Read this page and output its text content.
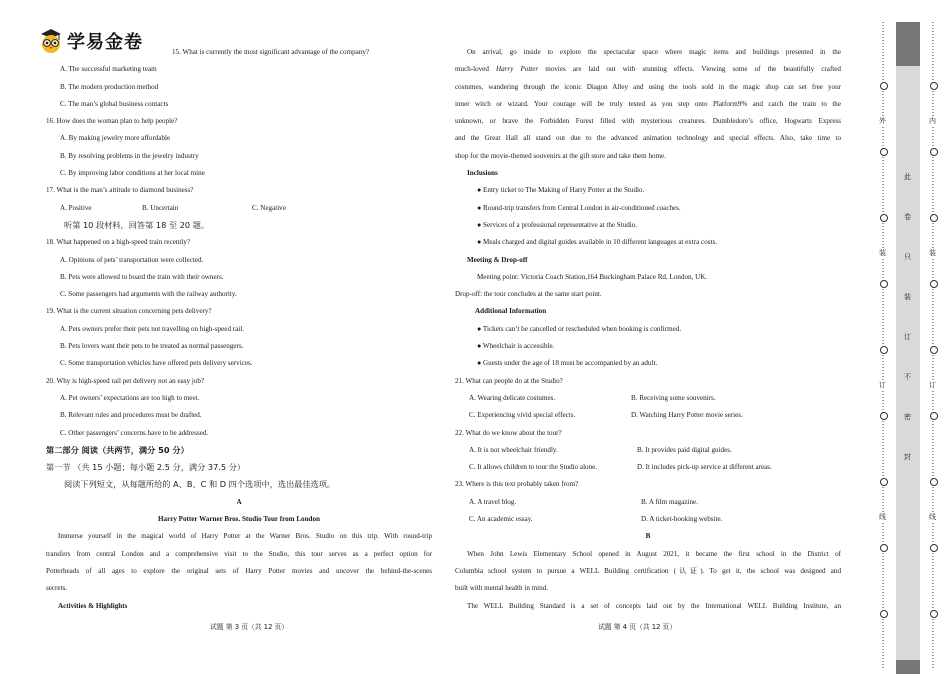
学易金卷	15. What is currently the most significant advantage of the company?
A. The successful marketing team
B. The modern production method
C. The man’s global business contacts
16. How does the woman plan to help people?
A. By making jewelry more affordable
B. By resolving problems in the jewelry industry
C. By improving labor conditions at her local mine
17. What is the man’s attitude to diamond business?
A. Positive	B. Uncertain	C. Negative
听第 10 段材料，回答第 18 至 20 题。
18. What happened on a high-speed train recently?
A. Opinions of pets’ transportation were collected.
B. Pets were allowed to board the train with their owners.
C. Some passengers had arguments with the railway authority.
19. What is the current situation concerning pets delivery?
A. Pets owners prefer their pets not travelling on high-speed rail.
B. Pets lovers want their pets to be treated as normal passengers.
C. Some transportation vehicles have offered pets delivery services.
20. Why is high-speed rail pet delivery not an easy job?
A. Pet owners’ expectations are too high to meet.
B. Relevant rules and procedures must be drafted.
C. Other passengers’ concerns have to be addressed.
第二部分 阅读（共两节，满分 50 分）
第一节 （共 15 小题；每小题 2.5 分，满分 37.5 分）
阅读下列短文，从每题所给的 A、B、C 和 D 四个选项中，选出最佳选项。
A
Harry Potter Warner Bros. Studio Tour from London
Immerse yourself in the magical world of Harry Potter at the Warner Bros. Studio on this trip. With round-trip
transfers from central London and a comprehensive visit to the Studio, this tour serves as a perfect option for
Potterheads of all ages to explore the original sets of Harry Potter movies and uncover the behind-the-scenes
secrets.
Activities & Highlights
On arrival, go inside to explore the spectacular space where magic items and buildings presented in the
much-loved Harry Potter movies are laid out with stunning effects. Viewing some of the beautifully crafted
costumes, wandering through the iconic Diagon Alley and using the tools sold in the magic shop can set free your
inner witch or wizard. Your courage will be truly tested as you step onto Platform9% and catch the train to the
unknown, or brave the Forbidden Forest filled with mysterious creatures. Dumbledore’s office, Hogwarts Express
and the Great Hall all stand out due to the advanced animation technology and special effects. Also, take time to
shop for the movie-themed souvenirs at the gift store and take them home.
Inclusions
● Entry ticket to The Making of Harry Potter at the Studio.
● Round-trip transfers from Central London in air-conditioned coaches.
● Services of a professional representative at the Studio.
● Meals charged and digital guides available in 10 different languages at extra costs.
Meeting & Drop-off
Meeting point: Victoria Coach Station,164 Buckingham Palace Rd, London, UK.
Drop-off: the tour concludes at the same start point.
Additional Information
● Tickets can’t be cancelled or rescheduled when booking is confirmed.
● Wheelchair is accessible.
● Guests under the age of 18 must be accompanied by an adult.
21. What can people do at the Studio?
A. Wearing delicate costumes.	B. Receiving some souvenirs.
C. Experiencing vivid special effects.	D. Watching Harry Potter movie series.
22. What do we know about the tour?
A. It is not wheelchair friendly.	B. It provides paid digital guides.
C. It allows children to tour the Studio alone.	D. It includes pick-up service at different areas.
23. Where is this text probably taken from?
A. A travel blog.	B. A film magazine.
C. An academic essay.	D. A ticket-booking website.
B
When John Lewis Elementary School opened in August 2021, it became the first school in the District of
Columbia school system to pursue a WELL Building certification (认证). To get it, the school was designed and
built with mental health in mind.
The WELL Building Standard is a set of concepts laid out by the International WELL Building Institute, an
试题 第 3 页（共 12 页）	试题 第 4 页（共 12 页）
外
装
订
线
内
装
订
线
此
卷
只
装
订
不
密
封
